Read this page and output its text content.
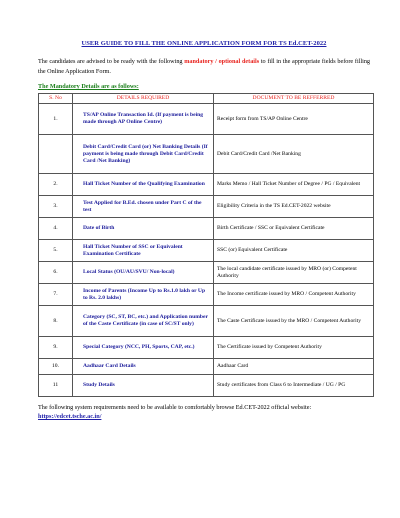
USER GUIDE TO FILL THE ONLINE APPLICATION FORM FOR TS Ed.CET-2022

The candidates are advised to be ready with the following mandatory / optional details to fill in the appropriate fields before filling the Online Application Form.

The Mandatory Details are as follows:
S. No	DETAILS REQUIRED	DOCUMENT TO BE REFFERRED
1.	TS/AP Online Transaction Id. (If payment is being made through AP Online Centre)	Receipt form from TS/AP Online Centre
	Debit Card/Credit Card (or) Net Banking Details (If payment is being made through Debit Card/Credit Card /Net Banking)	Debit Card/Credit Card /Net Banking
2.	Hall Ticket Number of the Qualifying Examination	Marks Memo / Hall Ticket Number of Degree / PG / Equivalent
3.	Test Applied for B.Ed. chosen under Part C of the test	Eligibility Criteria in the TS Ed.CET-2022 website
4.	Date of Birth	Birth Certificate / SSC or Equivalent Certificate
5.	Hall Ticket Number of SSC or Equivalent Examination Certificate	SSC (or) Equivalent Certificate
6.	Local Status (OU/AU/SVU/ Non-local)	The local candidate certificate issued by MRO (or) Competent Authority
7.	Income of Parents (Income Up to Rs.1.0 lakh or Up to Rs. 2.0 lakhs)	The Income certificate issued by MRO / Competent Authority
8.	Category (SC, ST, BC, etc.) and Application number of the Caste Certificate (in case of SC/ST only)	The Caste Certificate issued by the MRO / Competent Authority
9.	Special Category (NCC, PH, Sports, CAP, etc.)	The Certificate issued by Competent Authority
10.	Aadhaar Card Details	Aadhaar Card
11	Study Details	Study certificates from Class 6 to Intermediate / UG / PG
The following system requirements need to be available to comfortably browse Ed.CET-2022 official website:
https://edcet.tsche.ac.in/
